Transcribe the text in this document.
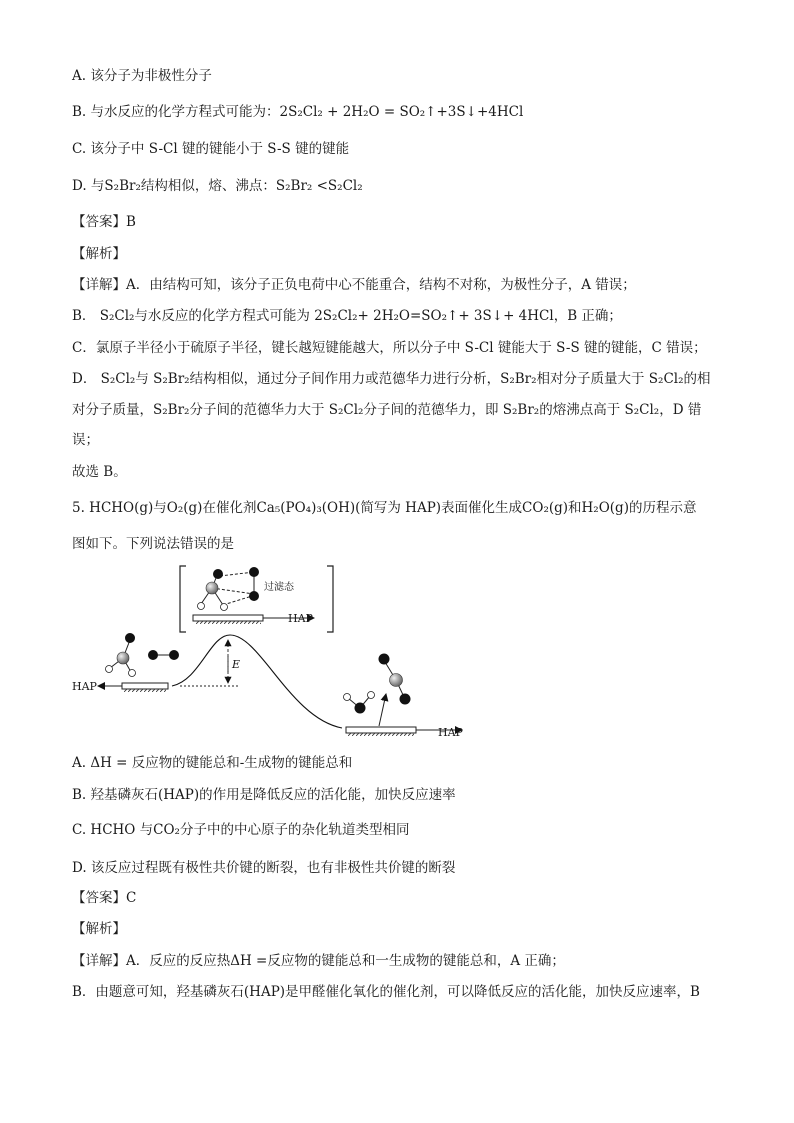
A. 该分子为非极性分子
B. 与水反应的化学方程式可能为：2S₂Cl₂ + 2H₂O = SO₂↑+3S↓+4HCl
C. 该分子中 S-Cl 键的键能小于 S-S 键的键能
D. 与S₂Br₂结构相似，熔、沸点：S₂Br₂ <S₂Cl₂
【答案】B
【解析】
【详解】A．由结构可知，该分子正负电荷中心不能重合，结构不对称，为极性分子，A 错误；
B． S₂Cl₂与水反应的化学方程式可能为 2S₂Cl₂+ 2H₂O=SO₂↑+ 3S↓+ 4HCl，B 正确；
C．氯原子半径小于硫原子半径，键长越短键能越大，所以分子中 S-Cl 键能大于 S-S 键的键能，C 错误；
D． S₂Cl₂与 S₂Br₂结构相似，通过分子间作用力或范德华力进行分析，S₂Br₂相对分子质量大于 S₂Cl₂的相
对分子质量，S₂Br₂分子间的范德华力大于 S₂Cl₂分子间的范德华力，即 S₂Br₂的熔沸点高于 S₂Cl₂，D 错
误；
故选 B。
5. HCHO(g)与O₂(g)在催化剂Ca₅(PO₄)₃(OH)(简写为 HAP)表面催化生成CO₂(g)和H₂O(g)的历程示意
图如下。下列说法错误的是
过滤态
HAP
HAP
HAP
E
A. ΔH = 反应物的键能总和-生成物的键能总和
B. 羟基磷灰石(HAP)的作用是降低反应的活化能，加快反应速率
C. HCHO 与CO₂分子中的中心原子的杂化轨道类型相同
D. 该反应过程既有极性共价键的断裂，也有非极性共价键的断裂
【答案】C
【解析】
【详解】A．反应的反应热ΔH =反应物的键能总和一生成物的键能总和，A 正确；
B．由题意可知，羟基磷灰石(HAP)是甲醛催化氧化的催化剂，可以降低反应的活化能，加快反应速率，B
